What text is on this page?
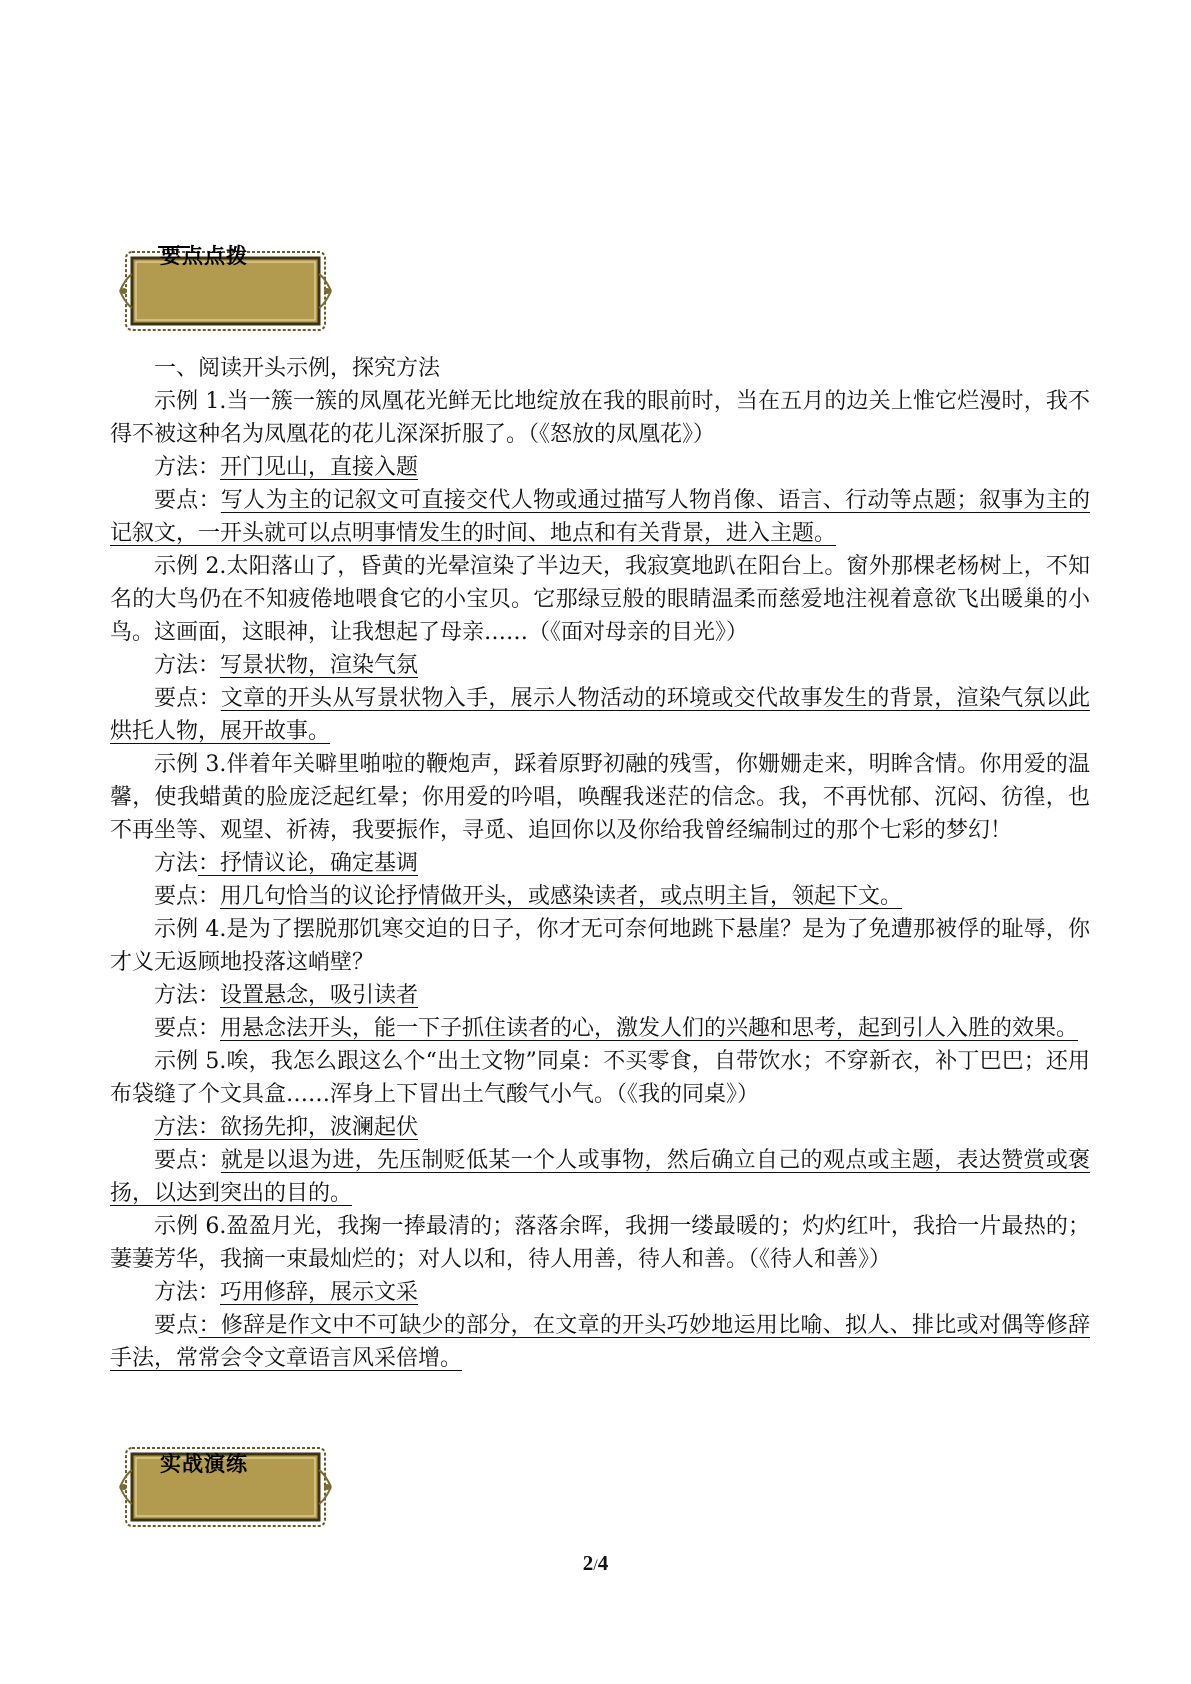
要点点拨

一、阅读开头示例，探究方法

示例 1.当一簇一簇的凤凰花光鲜无比地绽放在我的眼前时，当在五月的边关上惟它烂漫时，我不得不被这种名为凤凰花的花儿深深折服了。（《怒放的凤凰花》）

方法：开门见山，直接入题

要点：写人为主的记叙文可直接交代人物或通过描写人物肖像、语言、行动等点题；叙事为主的记叙文，一开头就可以点明事情发生的时间、地点和有关背景，进入主题。

示例 2.太阳落山了，昏黄的光晕渲染了半边天，我寂寞地趴在阳台上。窗外那棵老杨树上，不知名的大鸟仍在不知疲倦地喂食它的小宝贝。它那绿豆般的眼睛温柔而慈爱地注视着意欲飞出暖巢的小鸟。这画面，这眼神，让我想起了母亲……（《面对母亲的目光》）

方法：写景状物，渲染气氛

要点：文章的开头从写景状物入手，展示人物活动的环境或交代故事发生的背景，渲染气氛以此烘托人物，展开故事。

示例 3.伴着年关噼里啪啦的鞭炮声，踩着原野初融的残雪，你姗姗走来，明眸含情。你用爱的温馨，使我蜡黄的脸庞泛起红晕；你用爱的吟唱，唤醒我迷茫的信念。我，不再忧郁、沉闷、彷徨，也不再坐等、观望、祈祷，我要振作，寻觅、追回你以及你给我曾经编制过的那个七彩的梦幻！

方法：抒情议论，确定基调

要点：用几句恰当的议论抒情做开头，或感染读者，或点明主旨，领起下文。

示例 4.是为了摆脱那饥寒交迫的日子，你才无可奈何地跳下悬崖？是为了免遭那被俘的耻辱，你才义无返顾地投落这峭壁？

方法：设置悬念，吸引读者

要点：用悬念法开头，能一下子抓住读者的心，激发人们的兴趣和思考，起到引人入胜的效果。

示例 5.唉，我怎么跟这么个“出土文物”同桌：不买零食，自带饮水；不穿新衣，补丁巴巴；还用布袋缝了个文具盒……浑身上下冒出土气酸气小气。（《我的同桌》）

方法：欲扬先抑，波澜起伏

要点：就是以退为进，先压制贬低某一个人或事物，然后确立自己的观点或主题，表达赞赏或褒扬，以达到突出的目的。

示例 6.盈盈月光，我掬一捧最清的；落落余晖，我拥一缕最暖的；灼灼红叶，我拾一片最热的；萋萋芳华，我摘一束最灿烂的；对人以和，待人用善，待人和善。（《待人和善》）

方法：巧用修辞，展示文采

要点：修辞是作文中不可缺少的部分，在文章的开头巧妙地运用比喻、拟人、排比或对偶等修辞手法，常常会令文章语言风采倍增。

实战演练
2/4
